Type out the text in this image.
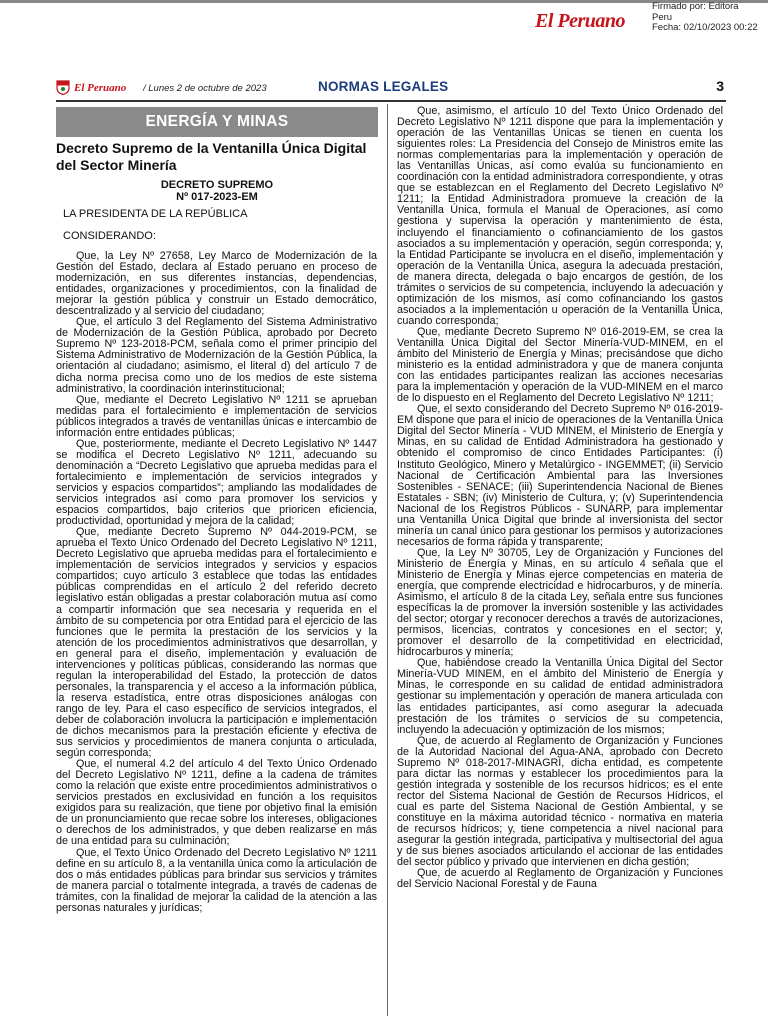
Firmado por: Editora
Peru
Fecha: 02/10/2023 00:22
El Peruano
El Peruano / Lunes 2 de octubre de 2023	NORMAS LEGALES	3
ENERGÍA Y MINAS
Decreto Supremo de la Ventanilla Única Digital del Sector Minería
DECRETO SUPREMO
Nº 017-2023-EM
LA PRESIDENTA DE LA REPÚBLICA
CONSIDERANDO:

Que, la Ley Nº 27658, Ley Marco de Modernización de la Gestión del Estado, declara al Estado peruano en proceso de modernización, en sus diferentes instancias, dependencias, entidades, organizaciones y procedimientos, con la finalidad de mejorar la gestión pública y construir un Estado democrático, descentralizado y al servicio del ciudadano;

Que, el artículo 3 del Reglamento del Sistema Administrativo de Modernización de la Gestión Pública, aprobado por Decreto Supremo Nº 123-2018-PCM, señala como el primer principio del Sistema Administrativo de Modernización de la Gestión Pública, la orientación al ciudadano; asimismo, el literal d) del artículo 7 de dicha norma precisa como uno de los medios de este sistema administrativo, la coordinación interinstitucional;

Que, mediante el Decreto Legislativo Nº 1211 se aprueban medidas para el fortalecimiento e implementación de servicios públicos integrados a través de ventanillas únicas e intercambio de información entre entidades públicas;

Que, posteriormente, mediante el Decreto Legislativo Nº 1447 se modifica el Decreto Legislativo Nº 1211, adecuando su denominación a “Decreto Legislativo que aprueba medidas para el fortalecimiento e implementación de servicios integrados y servicios y espacios compartidos”; ampliando las modalidades de servicios integrados así como para promover los servicios y espacios compartidos, bajo criterios que prioricen eficiencia, productividad, oportunidad y mejora de la calidad;

Que, mediante Decreto Supremo Nº 044-2019-PCM, se aprueba el Texto Único Ordenado del Decreto Legislativo Nº 1211, Decreto Legislativo que aprueba medidas para el fortalecimiento e implementación de servicios integrados y servicios y espacios compartidos; cuyo artículo 3 establece que todas las entidades públicas comprendidas en el artículo 2 del referido decreto legislativo están obligadas a prestar colaboración mutua así como a compartir información que sea necesaria y requerida en el ámbito de su competencia por otra Entidad para el ejercicio de las funciones que le permita la prestación de los servicios y la atención de los procedimientos administrativos que desarrollan, y en general para el diseño, implementación y evaluación de intervenciones y políticas públicas, considerando las normas que regulan la interoperabilidad del Estado, la protección de datos personales, la transparencia y el acceso a la información pública, la reserva estadística, entre otras disposiciones análogas con rango de ley. Para el caso específico de servicios integrados, el deber de colaboración involucra la participación e implementación de dichos mecanismos para la prestación eficiente y efectiva de sus servicios y procedimientos de manera conjunta o articulada, según corresponda;

Que, el numeral 4.2 del artículo 4 del Texto Único Ordenado del Decreto Legislativo Nº 1211, define a la cadena de trámites como la relación que existe entre procedimientos administrativos o servicios prestados en exclusividad en función a los requisitos exigidos para su realización, que tiene por objetivo final la emisión de un pronunciamiento que recae sobre los intereses, obligaciones o derechos de los administrados, y que deben realizarse en más de una entidad para su culminación;

Que, el Texto Único Ordenado del Decreto Legislativo Nº 1211 define en su artículo 8, a la ventanilla única como la articulación de dos o más entidades públicas para brindar sus servicios y trámites de manera parcial o totalmente integrada, a través de cadenas de trámites, con la finalidad de mejorar la calidad de la atención a las personas naturales y jurídicas;

Que, asimismo, el artículo 10 del Texto Único Ordenado del Decreto Legislativo Nº 1211 dispone que para la implementación y operación de las Ventanillas Únicas se tienen en cuenta los siguientes roles: La Presidencia del Consejo de Ministros emite las normas complementarias para la implementación y operación de las Ventanillas Únicas, así como evalúa su funcionamiento en coordinación con la entidad administradora correspondiente, y otras que se establezcan en el Reglamento del Decreto Legislativo Nº 1211; la Entidad Administradora promueve la creación de la Ventanilla Única, formula el Manual de Operaciones, así como gestiona y supervisa la operación y mantenimiento de ésta, incluyendo el financiamiento o cofinanciamiento de los gastos asociados a su implementación y operación, según corresponda; y, la Entidad Participante se involucra en el diseño, implementación y operación de la Ventanilla Única, asegura la adecuada prestación, de manera directa, delegada o bajo encargos de gestión, de los trámites o servicios de su competencia, incluyendo la adecuación y optimización de los mismos, así como cofinanciando los gastos asociados a la implementación u operación de la Ventanilla Única, cuando corresponda;

Que, mediante Decreto Supremo Nº 016-2019-EM, se crea la Ventanilla Única Digital del Sector Minería-VUD-MINEM, en el ámbito del Ministerio de Energía y Minas; precisándose que dicho ministerio es la entidad administradora y que de manera conjunta con las entidades participantes realizan las acciones necesarias para la implementación y operación de la VUD-MINEM en el marco de lo dispuesto en el Reglamento del Decreto Legislativo Nº 1211;

Que, el sexto considerando del Decreto Supremo Nº 016-2019-EM dispone que para el inicio de operaciones de la Ventanilla Única Digital del Sector Minería - VUD MINEM, el Ministerio de Energía y Minas, en su calidad de Entidad Administradora ha gestionado y obtenido el compromiso de cinco Entidades Participantes: (i) Instituto Geológico, Minero y Metalúrgico - INGEMMET; (ii) Servicio Nacional de Certificación Ambiental para las Inversiones Sostenibles - SENACE; (iii) Superintendencia Nacional de Bienes Estatales - SBN; (iv) Ministerio de Cultura, y; (v) Superintendencia Nacional de los Registros Públicos - SUNARP, para implementar una Ventanilla Única Digital que brinde al inversionista del sector minería un canal único para gestionar los permisos y autorizaciones necesarios de forma rápida y transparente;

Que, la Ley Nº 30705, Ley de Organización y Funciones del Ministerio de Energía y Minas, en su artículo 4 señala que el Ministerio de Energía y Minas ejerce competencias en materia de energía, que comprende electricidad e hidrocarburos, y de minería. Asimismo, el artículo 8 de la citada Ley, señala entre sus funciones específicas la de promover la inversión sostenible y las actividades del sector; otorgar y reconocer derechos a través de autorizaciones, permisos, licencias, contratos y concesiones en el sector; y, promover el desarrollo de la competitividad en electricidad, hidrocarburos y minería;

Que, habiéndose creado la Ventanilla Única Digital del Sector Minería-VUD MINEM, en el ámbito del Ministerio de Energía y Minas, le corresponde en su calidad de entidad administradora gestionar su implementación y operación de manera articulada con las entidades participantes, así como asegurar la adecuada prestación de los trámites o servicios de su competencia, incluyendo la adecuación y optimización de los mismos;

Que, de acuerdo al Reglamento de Organización y Funciones de la Autoridad Nacional del Agua-ANA, aprobado con Decreto Supremo Nº 018-2017-MINAGRI, dicha entidad, es competente para dictar las normas y establecer los procedimientos para la gestión integrada y sostenible de los recursos hídricos; es el ente rector del Sistema Nacional de Gestión de Recursos Hídricos, el cual es parte del Sistema Nacional de Gestión Ambiental, y se constituye en la máxima autoridad técnico - normativa en materia de recursos hídricos; y, tiene competencia a nivel nacional para asegurar la gestión integrada, participativa y multisectorial del agua y de sus bienes asociados articulando el accionar de las entidades del sector público y privado que intervienen en dicha gestión;

Que, de acuerdo al Reglamento de Organización y Funciones del Servicio Nacional Forestal y de Fauna
